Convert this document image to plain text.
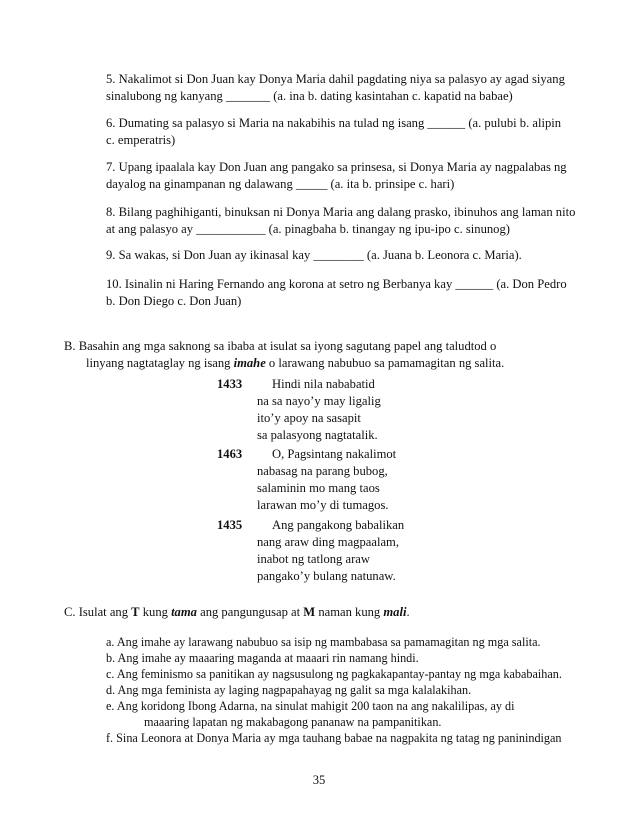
5. Nakalimot si Don Juan kay Donya Maria dahil pagdating niya sa palasyo ay agad siyang

sinalubong ng kanyang _______ (a. ina b. dating kasintahan c. kapatid na babae)

6. Dumating sa palasyo si Maria na nakabihis na tulad ng isang ______ (a. pulubi b. alipin

c. emperatris)

7. Upang ipaalala kay Don Juan ang pangako sa prinsesa, si Donya Maria ay nagpalabas ng

dayalog na ginampanan ng dalawang _____ (a. ita b. prinsipe c. hari)

8. Bilang paghihiganti, binuksan ni Donya Maria ang dalang prasko, ibinuhos ang laman nito

at ang palasyo ay ___________ (a. pinagbaha b. tinangay ng ipu-ipo c. sinunog)

9. Sa wakas, si Don Juan ay ikinasal kay ________ (a. Juana b. Leonora c. Maria).

10. Isinalin ni Haring Fernando ang korona at setro ng Berbanya kay ______ (a. Don Pedro

b. Don Diego c. Don Juan)

B. Basahin ang mga saknong sa ibaba at isulat sa iyong sagutang papel ang taludtod o

linyang nagtataglay ng isang imahe o larawang nabubuo sa pamamagitan ng salita.

1433	Hindi nila nababatid
na sa nayo’y may ligalig
ito’y apoy na sasapit
sa palasyong nagtatalik.
1463	O, Pagsintang nakalimot
nabasag na parang bubog,
salaminin mo mang taos
larawan mo’y di tumagos.
1435	Ang pangakong babalikan
nang araw ding magpaalam,
inabot ng tatlong araw
pangako’y bulang natunaw.
C. Isulat ang T kung tama ang pangungusap at M naman kung mali.
a. Ang imahe ay larawang nabubuo sa isip ng mambabasa sa pamamagitan ng mga salita.
b. Ang imahe ay maaaring maganda at maaari rin namang hindi.
c. Ang feminismo sa panitikan ay nagsusulong ng pagkakapantay-pantay ng mga kababaihan.
d. Ang mga feminista ay laging nagpapahayag ng galit sa mga kalalakihan.
e. Ang koridong Ibong Adarna, na sinulat mahigit 200 taon na ang nakalilipas, ay di
maaaring lapatan ng makabagong pananaw na pampanitikan.
f. Sina Leonora at Donya Maria ay mga tauhang babae na nagpakita ng tatag ng paninindigan
35
